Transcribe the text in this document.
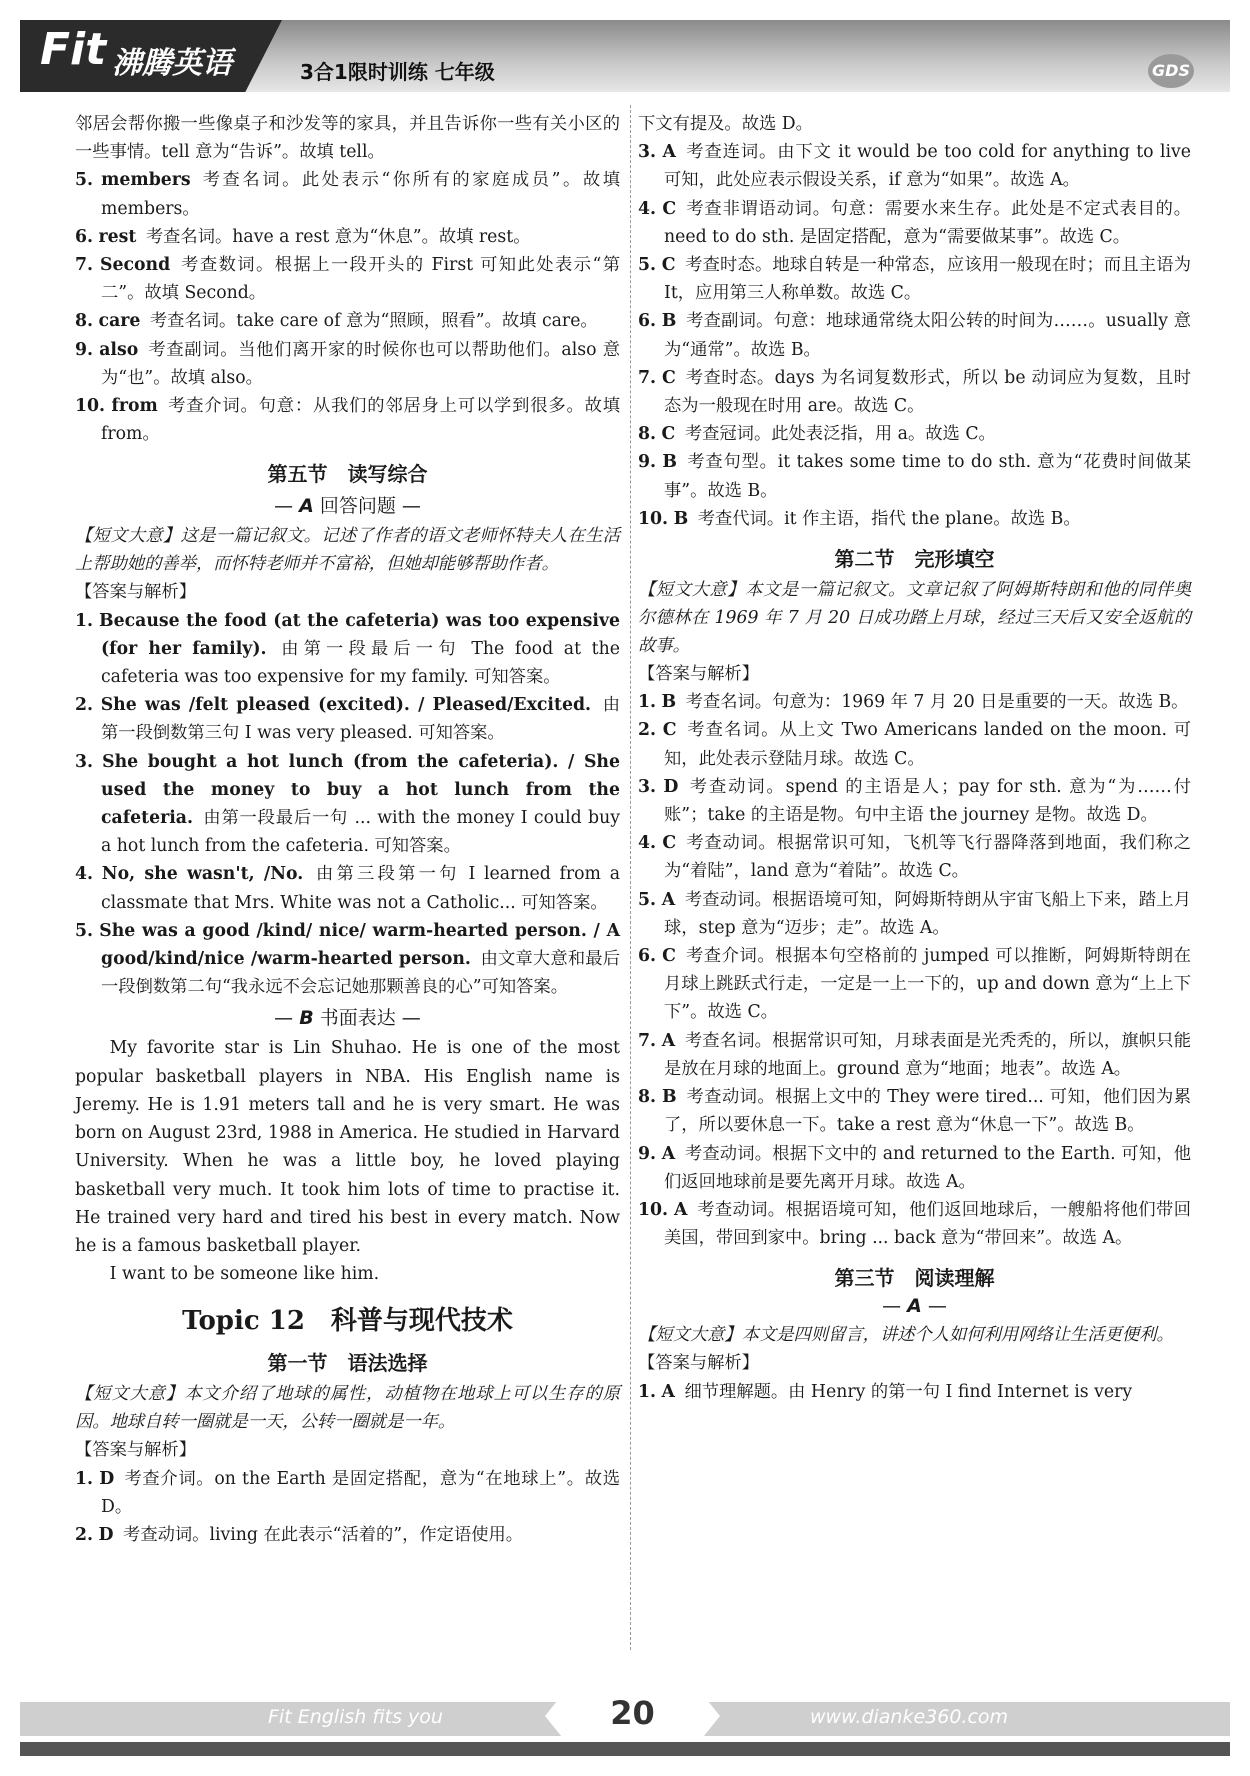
Fit 沸腾英语	3合1限时训练 七年级	GDS

邻居会帮你搬一些像桌子和沙发等的家具，并且告诉你一些有关小区的一些事情。tell 意为“告诉”。故填 tell。

5. members 考查名词。此处表示“你所有的家庭成员”。故填 members。

6. rest 考查名词。have a rest 意为“休息”。故填 rest。

7. Second 考查数词。根据上一段开头的 First 可知此处表示“第二”。故填 Second。

8. care 考查名词。take care of 意为“照顾，照看”。故填 care。

9. also 考查副词。当他们离开家的时候你也可以帮助他们。also 意为“也”。故填 also。

10. from 考查介词。句意：从我们的邻居身上可以学到很多。故填 from。

第五节　读写综合
— A 回答问题 —

【短文大意】这是一篇记叙文。记述了作者的语文老师怀特夫人在生活上帮助她的善举，而怀特老师并不富裕，但她却能够帮助作者。

【答案与解析】

1. Because the food (at the cafeteria) was too expensive (for her family). 由第一段最后一句 The food at the cafeteria was too expensive for my family. 可知答案。

2. She was /felt pleased (excited). / Pleased/Excited. 由第一段倒数第三句 I was very pleased. 可知答案。

3. She bought a hot lunch (from the cafeteria). / She used the money to buy a hot lunch from the cafeteria. 由第一段最后一句 ... with the money I could buy a hot lunch from the cafeteria. 可知答案。

4. No, she wasn't, /No. 由第三段第一句 I learned from a classmate that Mrs. White was not a Catholic... 可知答案。

5. She was a good /kind/ nice/ warm-hearted person. / A good/kind/nice /warm-hearted person. 由文章大意和最后一段倒数第二句“我永远不会忘记她那颗善良的心”可知答案。

— B 书面表达 —

My favorite star is Lin Shuhao. He is one of the most popular basketball players in NBA. His English name is Jeremy. He is 1.91 meters tall and he is very smart. He was born on August 23rd, 1988 in America. He studied in Harvard University. When he was a little boy, he loved playing basketball very much. It took him lots of time to practise it. He trained very hard and tired his best in every match. Now he is a famous basketball player.

I want to be someone like him.

Topic 12　科普与现代技术
第一节　语法选择

【短文大意】本文介绍了地球的属性，动植物在地球上可以生存的原因。地球自转一圈就是一天，公转一圈就是一年。

【答案与解析】

1. D 考查介词。on the Earth 是固定搭配，意为“在地球上”。故选 D。

2. D 考查动词。living 在此表示“活着的”，作定语使用。

下文有提及。故选 D。

3. A 考查连词。由下文 it would be too cold for anything to live 可知，此处应表示假设关系，if 意为“如果”。故选 A。

4. C 考查非谓语动词。句意：需要水来生存。此处是不定式表目的。need to do sth. 是固定搭配，意为“需要做某事”。故选 C。

5. C 考查时态。地球自转是一种常态，应该用一般现在时；而且主语为 It，应用第三人称单数。故选 C。

6. B 考查副词。句意：地球通常绕太阳公转的时间为……。usually 意为“通常”。故选 B。

7. C 考查时态。days 为名词复数形式，所以 be 动词应为复数，且时态为一般现在时用 are。故选 C。

8. C 考查冠词。此处表泛指，用 a。故选 C。

9. B 考查句型。it takes some time to do sth. 意为“花费时间做某事”。故选 B。

10. B 考查代词。it 作主语，指代 the plane。故选 B。

第二节　完形填空

【短文大意】本文是一篇记叙文。文章记叙了阿姆斯特朗和他的同伴奥尔德林在 1969 年 7 月 20 日成功踏上月球，经过三天后又安全返航的故事。

【答案与解析】

1. B 考查名词。句意为：1969 年 7 月 20 日是重要的一天。故选 B。

2. C 考查名词。从上文 Two Americans landed on the moon. 可知，此处表示登陆月球。故选 C。

3. D 考查动词。spend 的主语是人；pay for sth. 意为“为……付账”；take 的主语是物。句中主语 the journey 是物。故选 D。

4. C 考查动词。根据常识可知，飞机等飞行器降落到地面，我们称之为“着陆”，land 意为“着陆”。故选 C。

5. A 考查动词。根据语境可知，阿姆斯特朗从宇宙飞船上下来，踏上月球，step 意为“迈步；走”。故选 A。

6. C 考查介词。根据本句空格前的 jumped 可以推断，阿姆斯特朗在月球上跳跃式行走，一定是一上一下的，up and down 意为“上上下下”。故选 C。

7. A 考查名词。根据常识可知，月球表面是光秃秃的，所以，旗帜只能是放在月球的地面上。ground 意为“地面；地表”。故选 A。

8. B 考查动词。根据上文中的 They were tired... 可知，他们因为累了，所以要休息一下。take a rest 意为“休息一下”。故选 B。

9. A 考查动词。根据下文中的 and returned to the Earth. 可知，他们返回地球前是要先离开月球。故选 A。

10. A 考查动词。根据语境可知，他们返回地球后，一艘船将他们带回美国，带回到家中。bring ... back 意为“带回来”。故选 A。

第三节　阅读理解
— A —

【短文大意】本文是四则留言，讲述个人如何利用网络让生活更便利。

【答案与解析】

1. A 细节理解题。由 Henry 的第一句 I find Internet is very

Fit English fits you	www.dianke360.com
20
